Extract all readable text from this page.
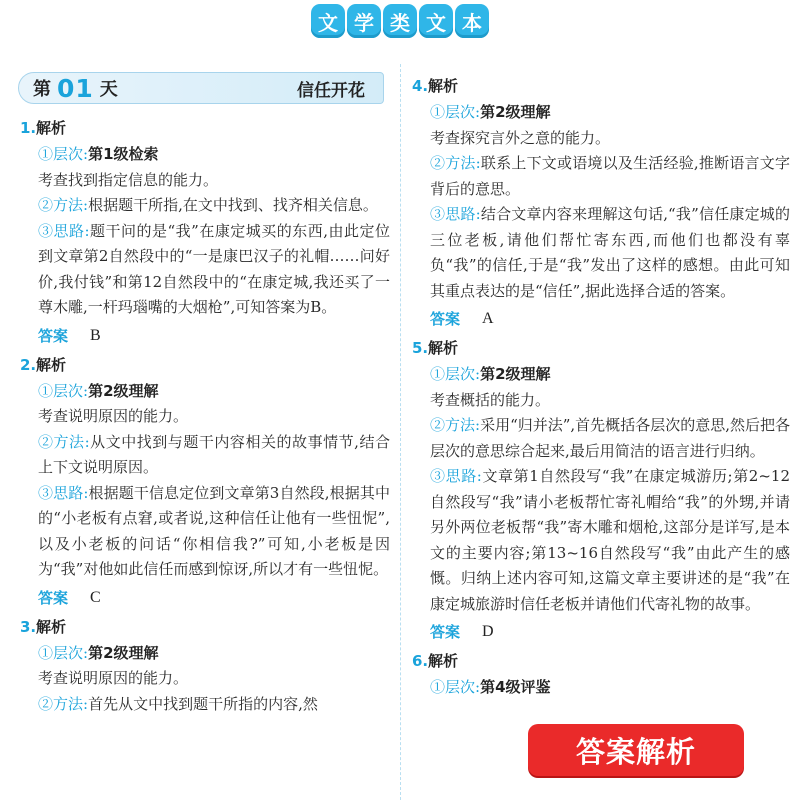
文 学 类 文 本
第 01 天	信任开花
1. 解析
①层次:第1级检索
考查找到指定信息的能力。
②方法:根据题干所指,在文中找到、找齐相关信息。
③思路:题干问的是“我”在康定城买的东西,由此定位到文章第2自然段中的“一是康巴汉子的礼帽……问好价,我付钱”和第12自然段中的“在康定城,我还买了一尊木雕,一杆玛瑙嘴的大烟枪”,可知答案为B。
答案	B
2. 解析
①层次:第2级理解
考查说明原因的能力。
②方法:从文中找到与题干内容相关的故事情节,结合上下文说明原因。
③思路:根据题干信息定位到文章第3自然段,根据其中的“小老板有点窘,或者说,这种信任让他有一些忸怩”,以及小老板的问话“你相信我?”可知,小老板是因为“我”对他如此信任而感到惊讶,所以才有一些忸怩。
答案	C
3. 解析
①层次:第2级理解
考查说明原因的能力。
②方法:首先从文中找到题干所指的内容,然
4. 解析
①层次:第2级理解
考查探究言外之意的能力。
②方法:联系上下文或语境以及生活经验,推断语言文字背后的意思。
③思路:结合文章内容来理解这句话,“我”信任康定城的三位老板,请他们帮忙寄东西,而他们也都没有辜负“我”的信任,于是“我”发出了这样的感想。由此可知其重点表达的是“信任”,据此选择合适的答案。
答案	A
5. 解析
①层次:第2级理解
考查概括的能力。
②方法:采用“归并法”,首先概括各层次的意思,然后把各层次的意思综合起来,最后用简洁的语言进行归纳。
③思路:文章第1自然段写“我”在康定城游历;第2~12自然段写“我”请小老板帮忙寄礼帽给“我”的外甥,并请另外两位老板帮“我”寄木雕和烟枪,这部分是详写,是本文的主要内容;第13~16自然段写“我”由此产生的感慨。归纳上述内容可知,这篇文章主要讲述的是“我”在康定城旅游时信任老板并请他们代寄礼物的故事。
答案	D
6. 解析
①层次:第4级评鉴
答案解析
